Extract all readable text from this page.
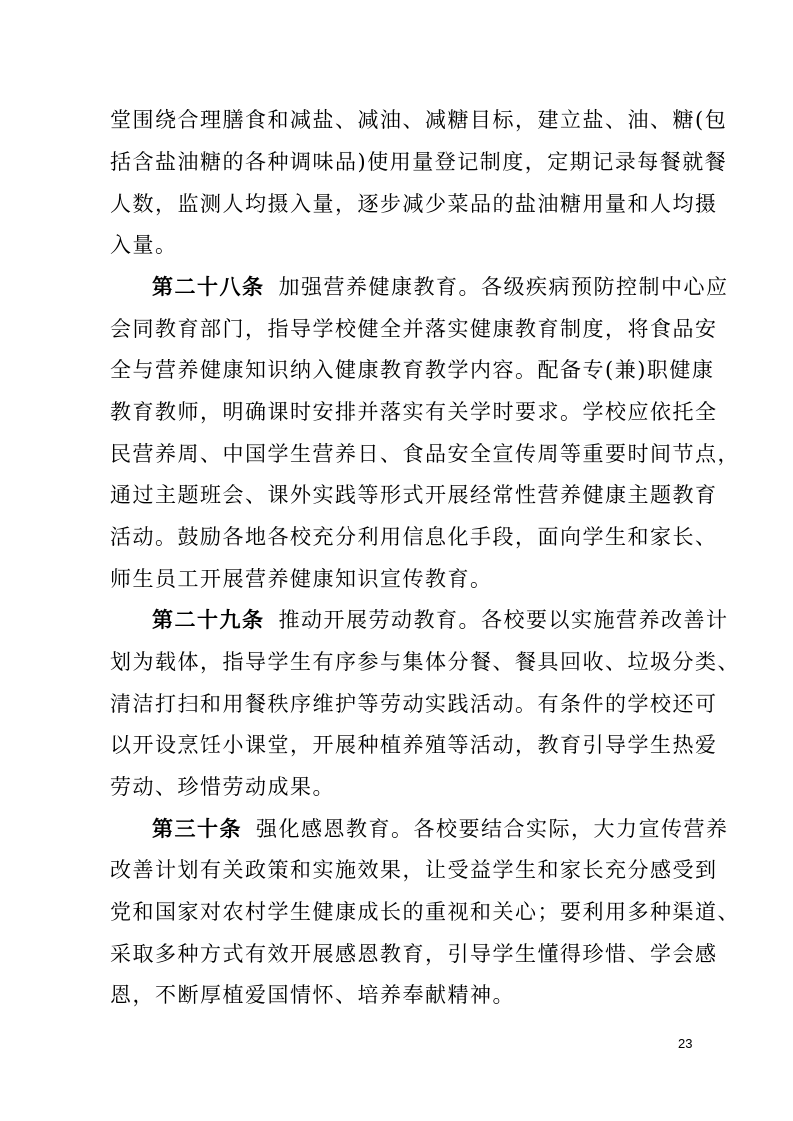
堂围绕合理膳食和减盐、减油、减糖目标，建立盐、油、糖(包
括含盐油糖的各种调味品)使用量登记制度，定期记录每餐就餐
人数，监测人均摄入量，逐步减少菜品的盐油糖用量和人均摄
入量。
第二十八条 加强营养健康教育。各级疾病预防控制中心应
会同教育部门，指导学校健全并落实健康教育制度，将食品安
全与营养健康知识纳入健康教育教学内容。配备专(兼)职健康
教育教师，明确课时安排并落实有关学时要求。学校应依托全
民营养周、中国学生营养日、食品安全宣传周等重要时间节点，
通过主题班会、课外实践等形式开展经常性营养健康主题教育
活动。鼓励各地各校充分利用信息化手段，面向学生和家长、
师生员工开展营养健康知识宣传教育。
第二十九条 推动开展劳动教育。各校要以实施营养改善计
划为载体，指导学生有序参与集体分餐、餐具回收、垃圾分类、
清洁打扫和用餐秩序维护等劳动实践活动。有条件的学校还可
以开设烹饪小课堂，开展种植养殖等活动，教育引导学生热爱
劳动、珍惜劳动成果。
第三十条 强化感恩教育。各校要结合实际，大力宣传营养
改善计划有关政策和实施效果，让受益学生和家长充分感受到
党和国家对农村学生健康成长的重视和关心；要利用多种渠道、
采取多种方式有效开展感恩教育，引导学生懂得珍惜、学会感
恩，不断厚植爱国情怀、培养奉献精神。
23
